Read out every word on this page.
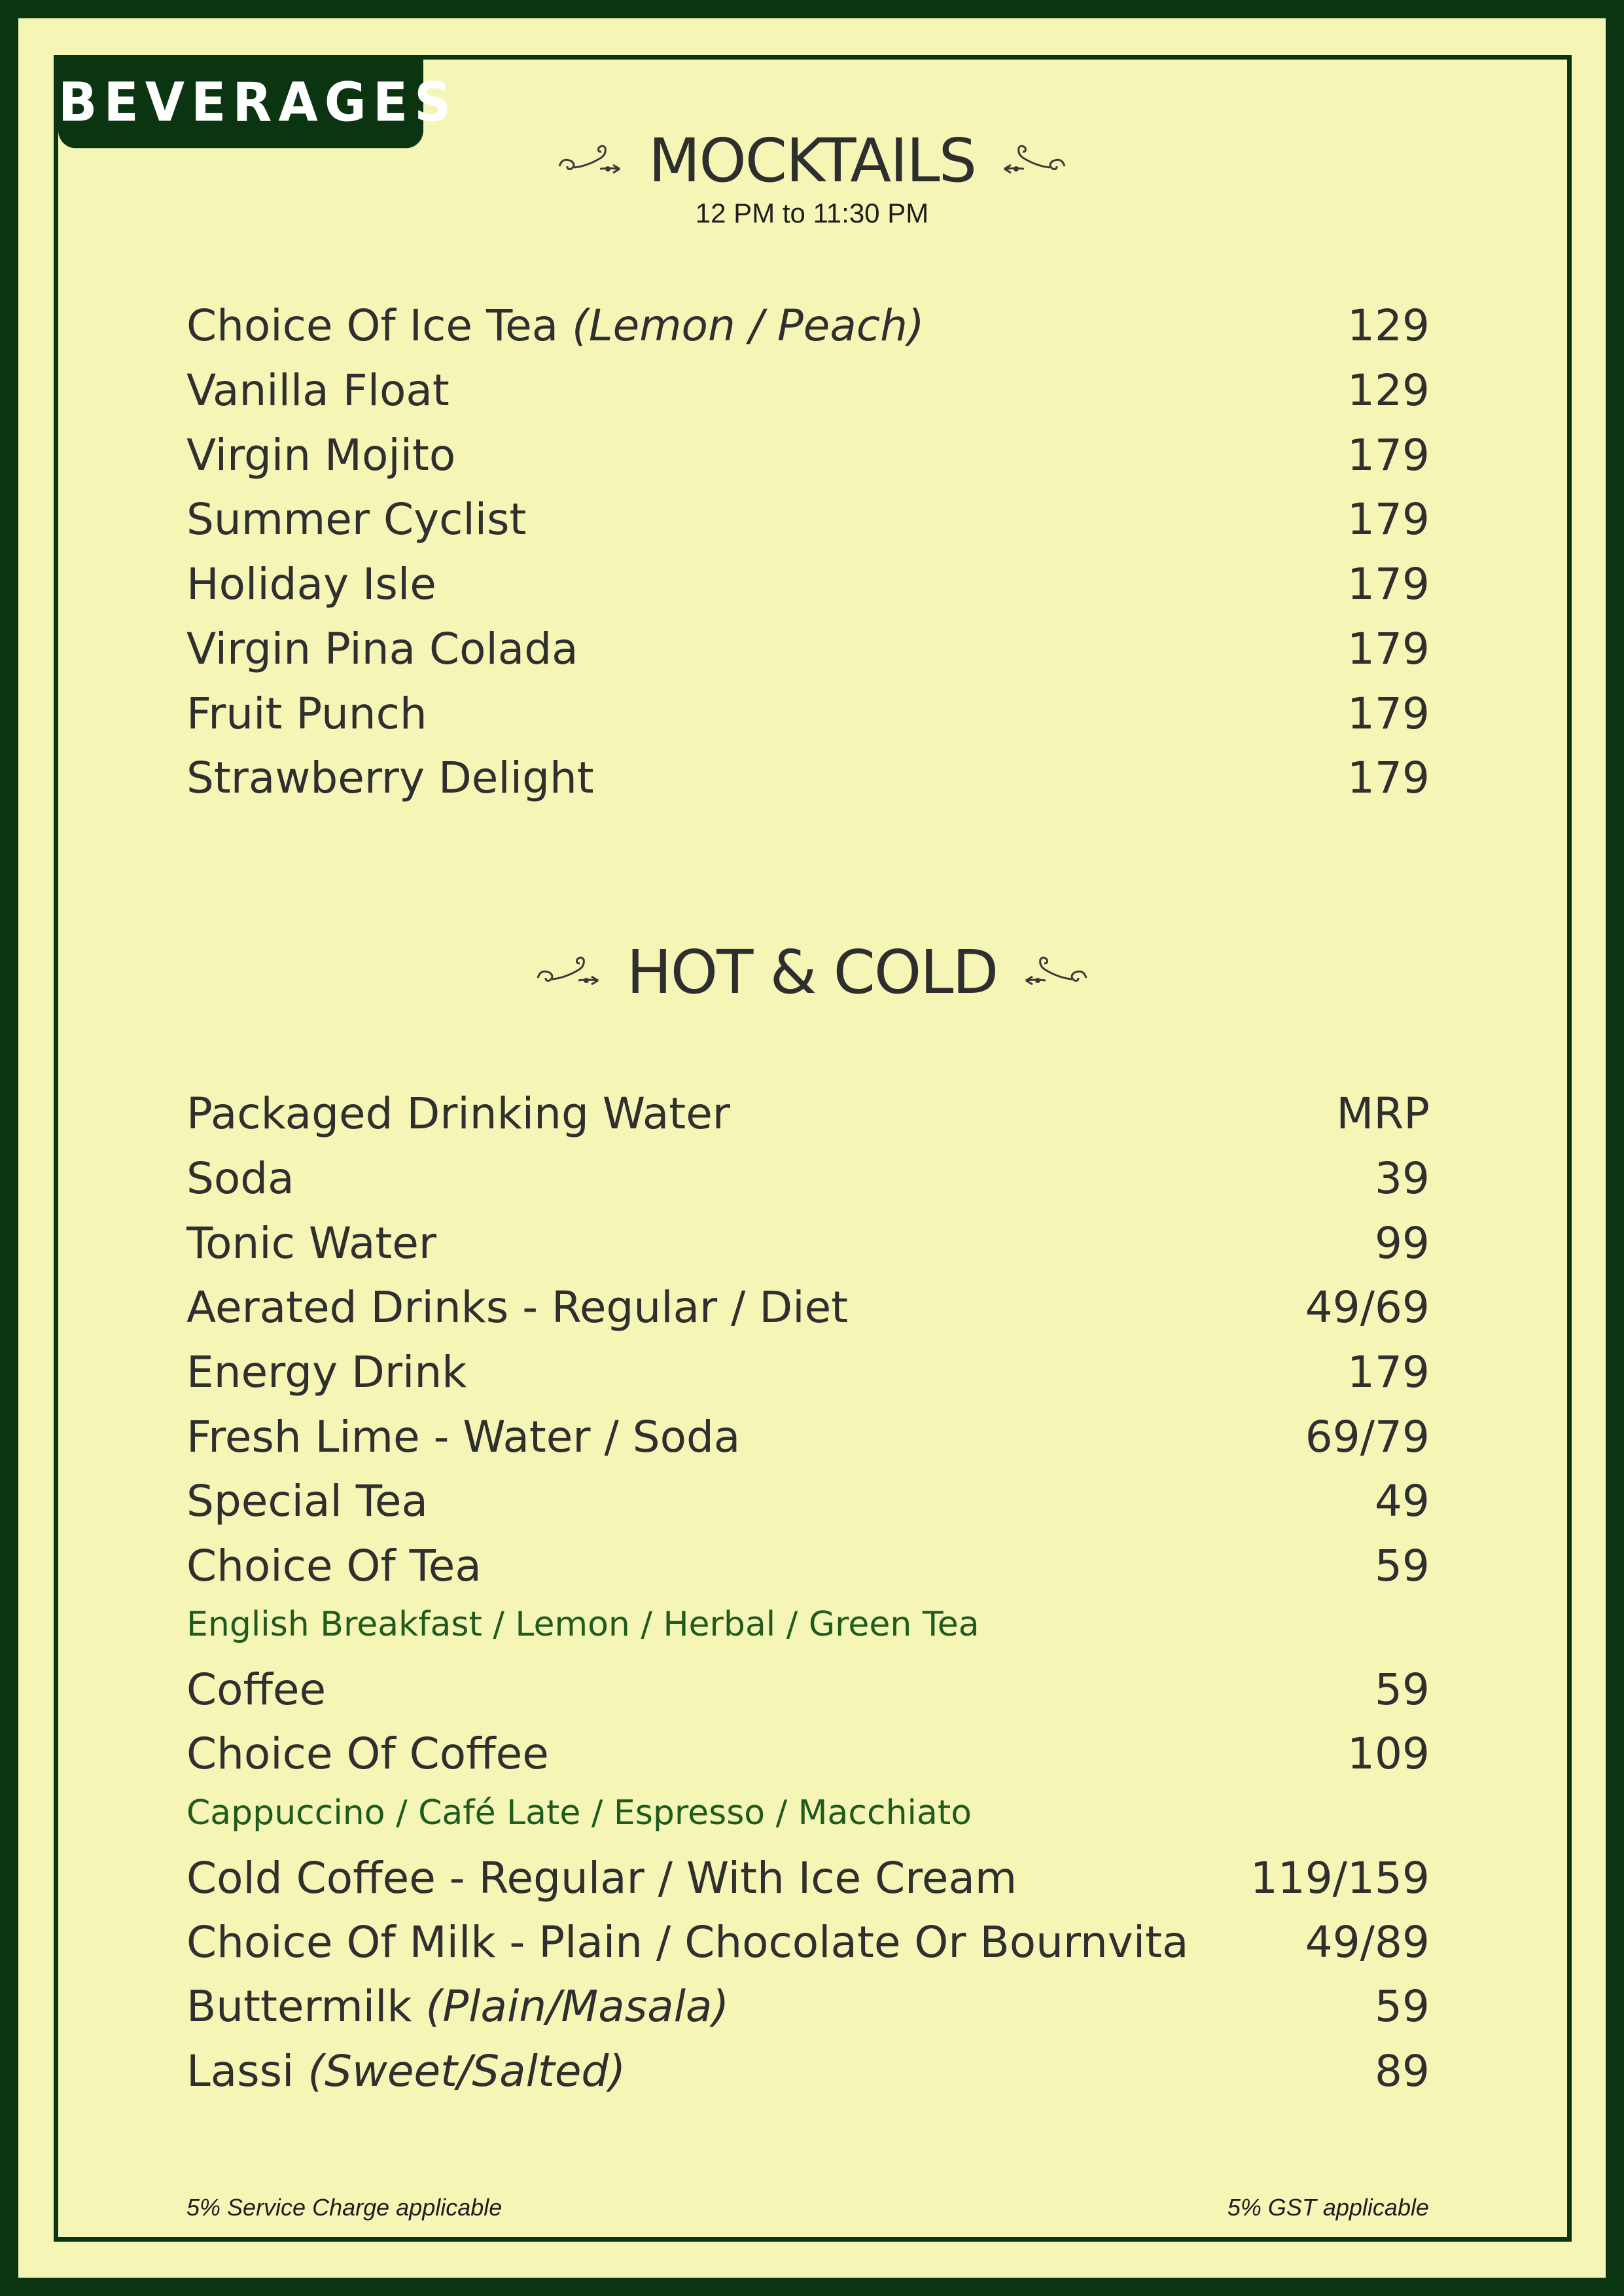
BEVERAGES
MOCKTAILS
12 PM to 11:30 PM
Choice Of Ice Tea (Lemon / Peach)	129
Vanilla Float	129
Virgin Mojito	179
Summer Cyclist	179
Holiday Isle	179
Virgin Pina Colada	179
Fruit Punch	179
Strawberry Delight	179
HOT & COLD
Packaged Drinking Water	MRP
Soda	39
Tonic Water	99
Aerated Drinks - Regular / Diet	49/69
Energy Drink	179
Fresh Lime - Water / Soda	69/79
Special Tea	49
Choice Of Tea	59
English Breakfast / Lemon / Herbal / Green Tea
Coffee	59
Choice Of Coffee	109
Cappuccino / Café Late / Espresso / Macchiato
Cold Coffee - Regular / With Ice Cream	119/159
Choice Of Milk - Plain / Chocolate Or Bournvita	49/89
Buttermilk (Plain/Masala)	59
Lassi (Sweet/Salted)	89
5% Service Charge applicable	5% GST applicable
